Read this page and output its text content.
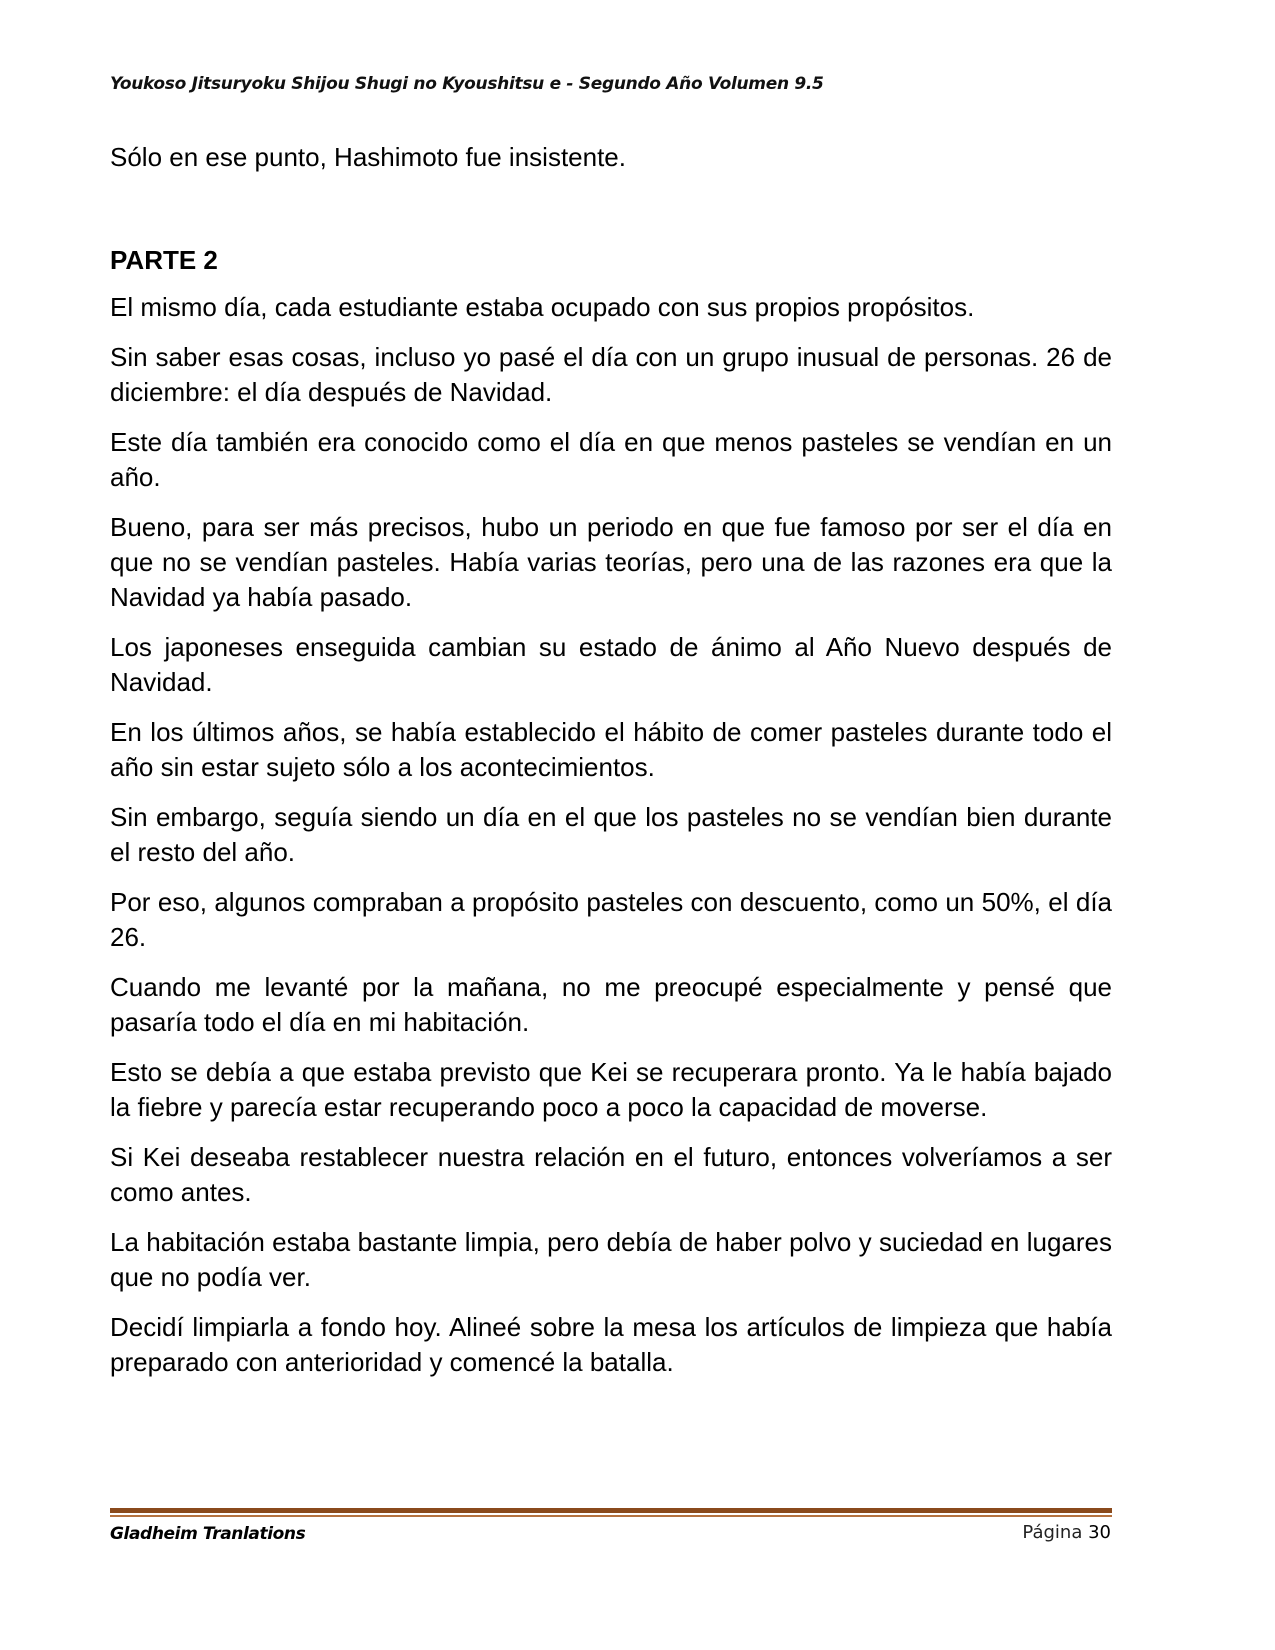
Youkoso Jitsuryoku Shijou Shugi no Kyoushitsu e - Segundo Año Volumen 9.5

Sólo en ese punto, Hashimoto fue insistente.

PARTE 2

El mismo día, cada estudiante estaba ocupado con sus propios propósitos.

Sin saber esas cosas, incluso yo pasé el día con un grupo inusual de personas. 26 de diciembre: el día después de Navidad.

Este día también era conocido como el día en que menos pasteles se vendían en un año.

Bueno, para ser más precisos, hubo un periodo en que fue famoso por ser el día en que no se vendían pasteles. Había varias teorías, pero una de las razones era que la Navidad ya había pasado.

Los japoneses enseguida cambian su estado de ánimo al Año Nuevo después de Navidad.

En los últimos años, se había establecido el hábito de comer pasteles durante todo el año sin estar sujeto sólo a los acontecimientos.

Sin embargo, seguía siendo un día en el que los pasteles no se vendían bien durante el resto del año.

Por eso, algunos compraban a propósito pasteles con descuento, como un 50%, el día 26.

Cuando me levanté por la mañana, no me preocupé especialmente y pensé que pasaría todo el día en mi habitación.

Esto se debía a que estaba previsto que Kei se recuperara pronto. Ya le había bajado la fiebre y parecía estar recuperando poco a poco la capacidad de moverse.

Si Kei deseaba restablecer nuestra relación en el futuro, entonces volveríamos a ser como antes.

La habitación estaba bastante limpia, pero debía de haber polvo y suciedad en lugares que no podía ver.

Decidí limpiarla a fondo hoy. Alineé sobre la mesa los artículos de limpieza que había preparado con anterioridad y comencé la batalla.

Gladheim Tranlations	Página 30
